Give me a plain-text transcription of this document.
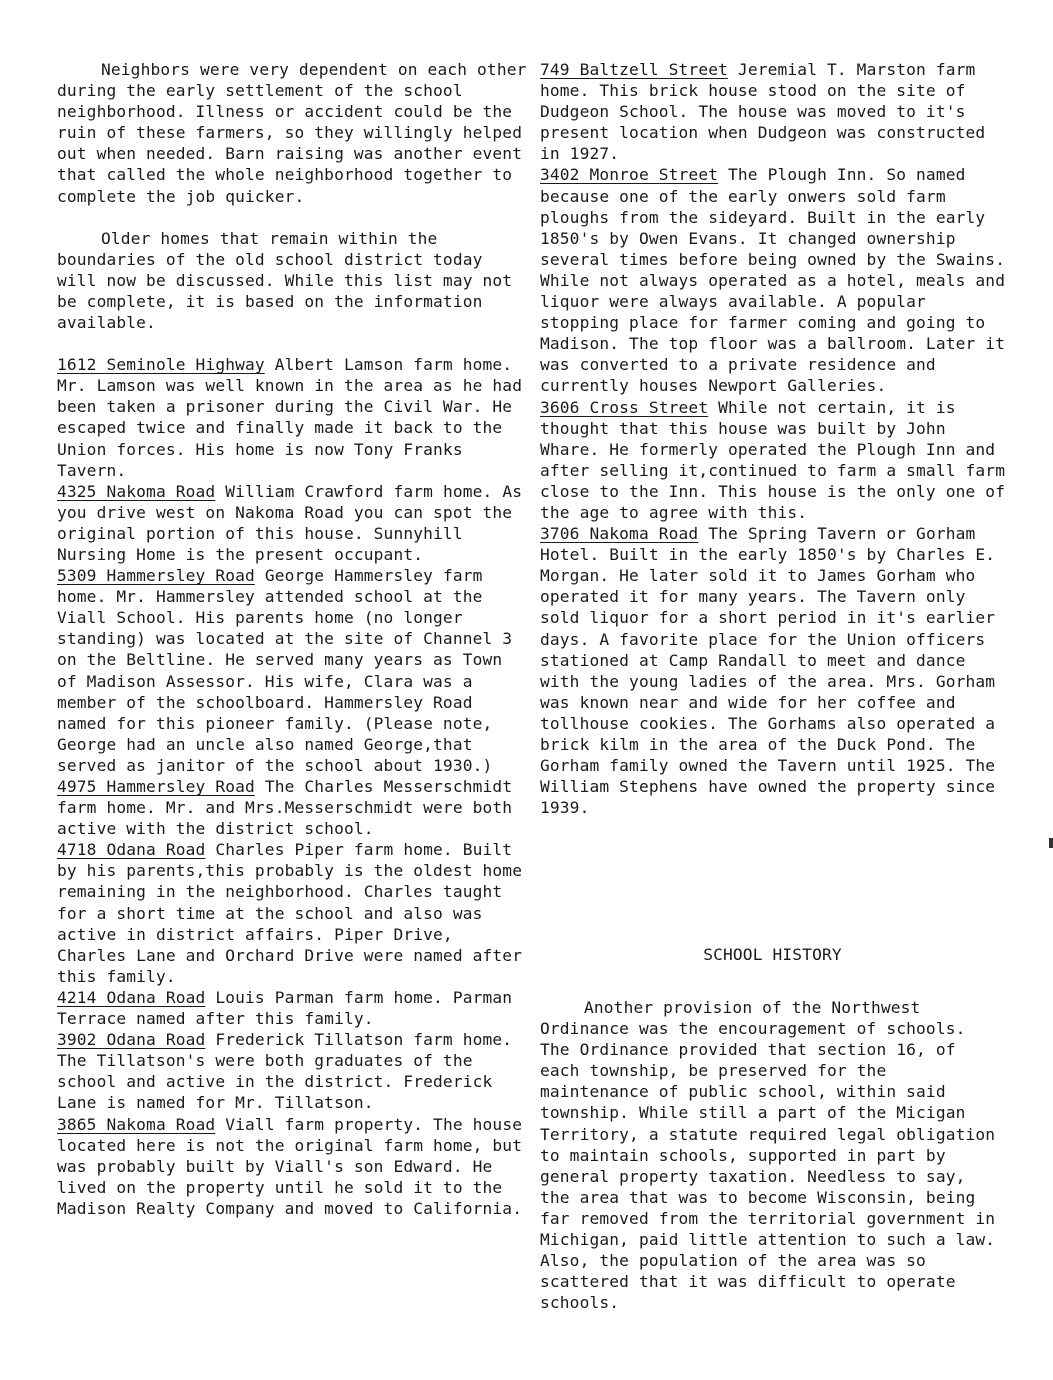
Neighbors were very dependent on each other during the early settlement of the school neighborhood. Illness or accident could be the ruin of these farmers, so they willingly helped out when needed. Barn raising was another event that called the whole neighborhood together to complete the job quicker.

Older homes that remain within the boundaries of the old school district today will now be discussed. While this list may not be complete, it is based on the information available.

1612 Seminole Highway Albert Lamson farm home. Mr. Lamson was well known in the area as he had been taken a prisoner during the Civil War. He escaped twice and finally made it back to the Union forces. His home is now Tony Franks Tavern.

4325 Nakoma Road William Crawford farm home. As you drive west on Nakoma Road you can spot the original portion of this house. Sunnyhill Nursing Home is the present occupant.

5309 Hammersley Road George Hammersley farm home. Mr. Hammersley attended school at the Viall School. His parents home (no longer standing) was located at the site of Channel 3 on the Beltline. He served many years as Town of Madison Assessor. His wife, Clara was a member of the schoolboard. Hammersley Road named for this pioneer family. (Please note, George had an uncle also named George,that served as janitor of the school about 1930.)

4975 Hammersley Road The Charles Messerschmidt farm home. Mr. and Mrs.Messerschmidt were both active with the district school.

4718 Odana Road Charles Piper farm home. Built by his parents,this probably is the oldest home remaining in the neighborhood. Charles taught for a short time at the school and also was active in district affairs. Piper Drive, Charles Lane and Orchard Drive were named after this family.

4214 Odana Road Louis Parman farm home. Parman Terrace named after this family.

3902 Odana Road Frederick Tillatson farm home. The Tillatson's were both graduates of the school and active in the district. Frederick Lane is named for Mr. Tillatson.

3865 Nakoma Road Viall farm property. The house located here is not the original farm home, but was probably built by Viall's son Edward. He lived on the property until he sold it to the Madison Realty Company and moved to California.

749 Baltzell Street Jeremial T. Marston farm home. This brick house stood on the site of Dudgeon School. The house was moved to it's present location when Dudgeon was constructed in 1927.

3402 Monroe Street The Plough Inn. So named because one of the early onwers sold farm ploughs from the sideyard. Built in the early 1850's by Owen Evans. It changed ownership several times before being owned by the Swains. While not always operated as a hotel, meals and liquor were always available. A popular stopping place for farmer coming and going to Madison. The top floor was a ballroom. Later it was converted to a private residence and currently houses Newport Galleries.

3606 Cross Street While not certain, it is thought that this house was built by John Whare. He formerly operated the Plough Inn and after selling it,continued to farm a small farm close to the Inn. This house is the only one of the age to agree with this.

3706 Nakoma Road The Spring Tavern or Gorham Hotel. Built in the early 1850's by Charles E. Morgan. He later sold it to James Gorham who operated it for many years. The Tavern only sold liquor for a short period in it's earlier days. A favorite place for the Union officers stationed at Camp Randall to meet and dance with the young ladies of the area. Mrs. Gorham was known near and wide for her coffee and tollhouse cookies. The Gorhams also operated a brick kilm in the area of the Duck Pond. The Gorham family owned the Tavern until 1925. The William Stephens have owned the property since 1939.

SCHOOL HISTORY

Another provision of the Northwest Ordinance was the encouragement of schools. The Ordinance provided that section 16, of each township, be preserved for the maintenance of public school, within said township. While still a part of the Micigan Territory, a statute required legal obligation to maintain schools, supported in part by general property taxation. Needless to say, the area that was to become Wisconsin, being far removed from the territorial government in Michigan, paid little attention to such a law. Also, the population of the area was so scattered that it was difficult to operate schools.
